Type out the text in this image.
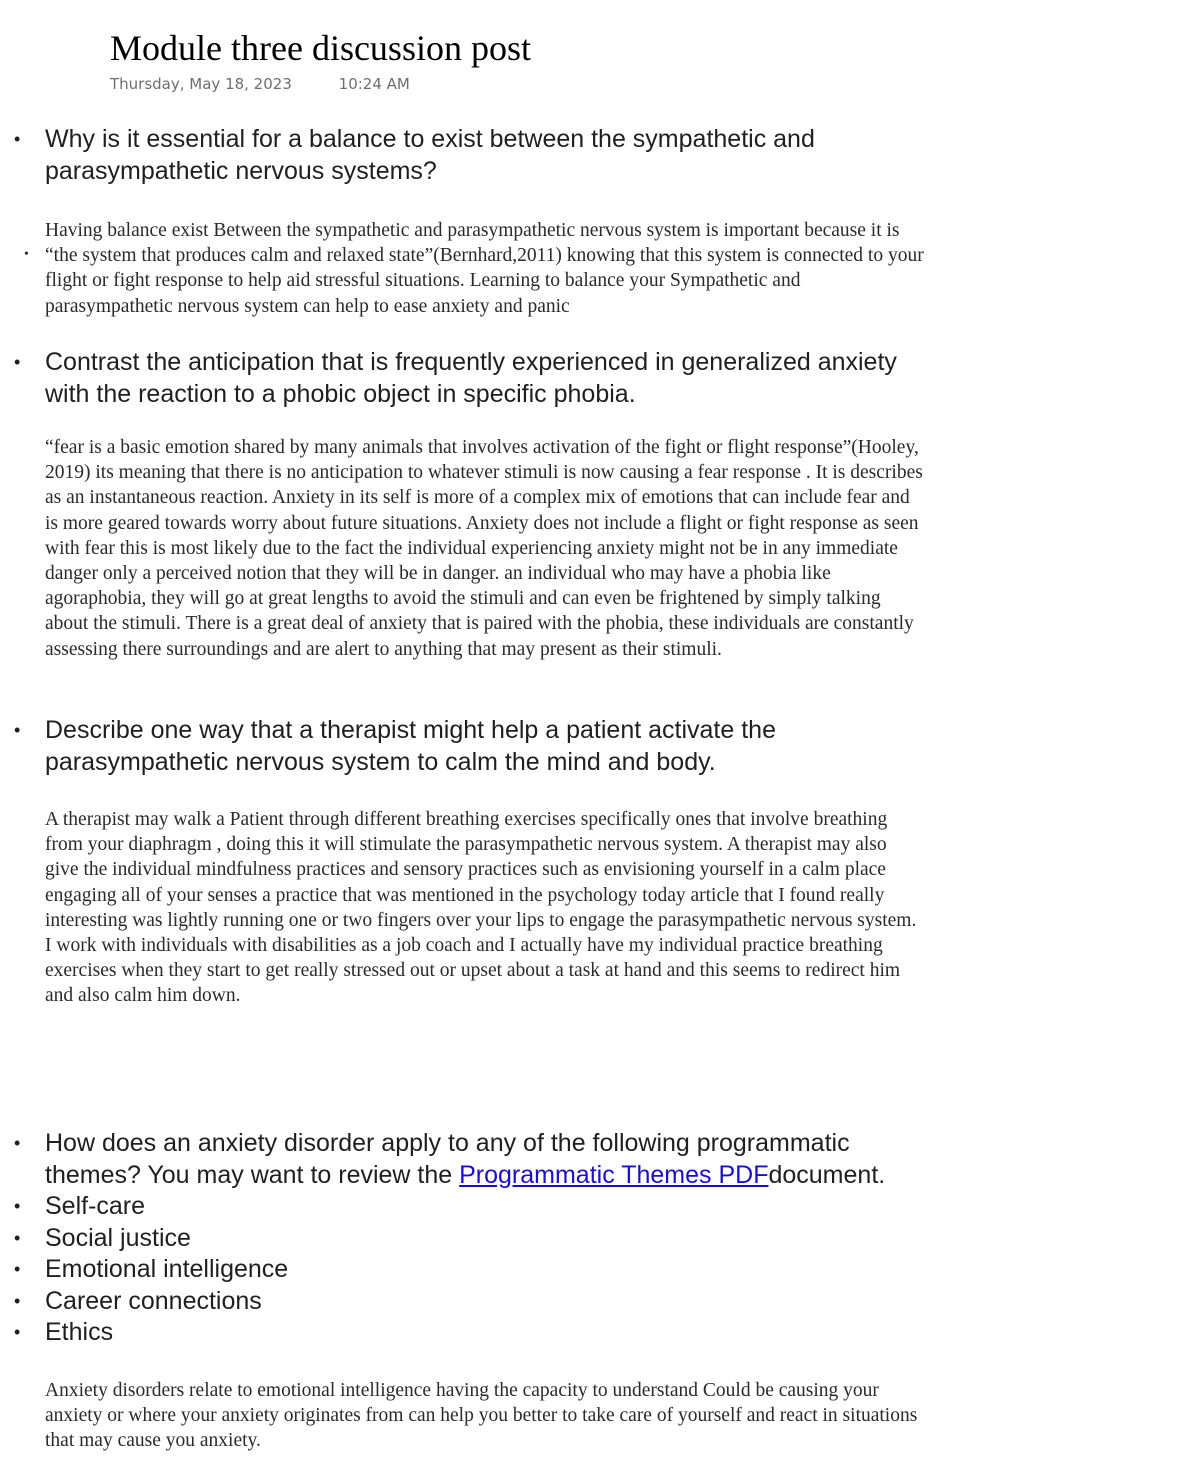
Module three discussion post
Thursday, May 18, 2023	10:24 AM
• Why is it essential for a balance to exist between the sympathetic and parasympathetic nervous systems?
•

Having balance exist Between the sympathetic and parasympathetic nervous system is important because it is “the system that produces calm and relaxed state”(Bernhard,2011) knowing that this system is connected to your flight or fight response to help aid stressful situations. Learning to balance your Sympathetic and parasympathetic nervous system can help to ease anxiety and panic

• Contrast the anticipation that is frequently experienced in generalized anxiety with the reaction to a phobic object in specific phobia.

“fear is a basic emotion shared by many animals that involves activation of the fight or flight response”(Hooley, 2019) its meaning that there is no anticipation to whatever stimuli is now causing a fear response . It is describes as an instantaneous reaction. Anxiety in its self is more of a complex mix of emotions that can include fear and is more geared towards worry about future situations. Anxiety does not include a flight or fight response as seen with fear this is most likely due to the fact the individual experiencing anxiety might not be in any immediate danger only a perceived notion that they will be in danger. an individual who may have a phobia like agoraphobia, they will go at great lengths to avoid the stimuli and can even be frightened by simply talking about the stimuli. There is a great deal of anxiety that is paired with the phobia, these individuals are constantly assessing there surroundings and are alert to anything that may present as their stimuli.

• Describe one way that a therapist might help a patient activate the parasympathetic nervous system to calm the mind and body.

A therapist may walk a Patient through different breathing exercises specifically ones that involve breathing from your diaphragm , doing this it will stimulate the parasympathetic nervous system. A therapist may also give the individual mindfulness practices and sensory practices such as envisioning yourself in a calm place engaging all of your senses a practice that was mentioned in the psychology today article that I found really interesting was lightly running one or two fingers over your lips to engage the parasympathetic nervous system. I work with individuals with disabilities as a job coach and I actually have my individual practice breathing exercises when they start to get really stressed out or upset about a task at hand and this seems to redirect him and also calm him down.

• How does an anxiety disorder apply to any of the following programmatic themes? You may want to review the Programmatic Themes PDFdocument.
• Self-care
• Social justice
• Emotional intelligence
• Career connections
• Ethics

Anxiety disorders relate to emotional intelligence having the capacity to understand Could be causing your anxiety or where your anxiety originates from can help you better to take care of yourself and react in situations that may cause you anxiety.
